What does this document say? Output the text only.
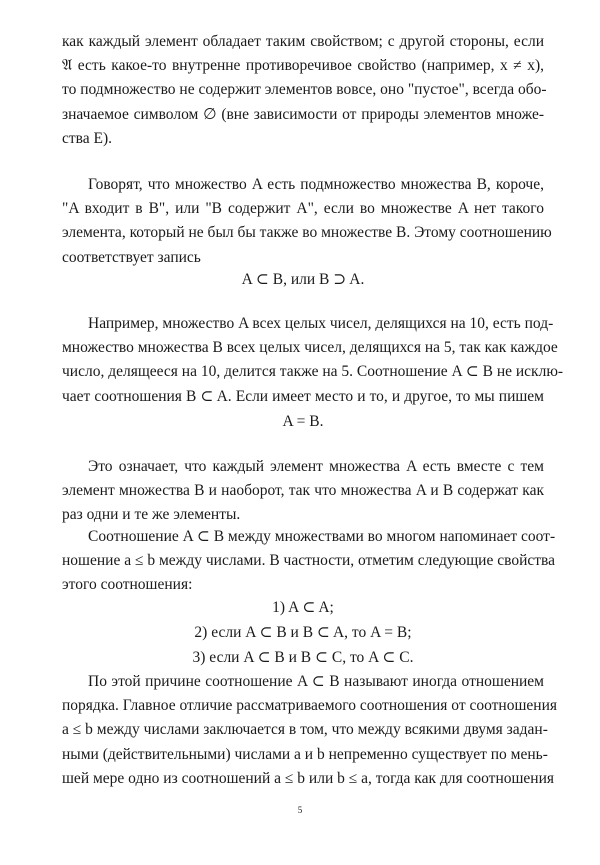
как каждый элемент обладает таким свойством; с другой стороны, если
𝔄 есть какое-то внутренне противоречивое свойство (например, x ≠ x),
то подмножество не содержит элементов вовсе, оно "пустое", всегда обо-
значаемое символом ∅ (вне зависимости от природы элементов множе-
ства E).

Говорят, что множество A есть подмножество множества B, короче,
"A входит в B", или "B содержит A", если во множестве A нет такого
элемента, который не был бы также во множестве B. Этому соотношению
соответствует запись

A ⊂ B, или B ⊃ A.

Например, множество A всех целых чисел, делящихся на 10, есть под-
множество множества B всех целых чисел, делящихся на 5, так как каждое
число, делящееся на 10, делится также на 5. Соотношение A ⊂ B не исклю-
чает соотношения B ⊂ A. Если имеет место и то, и другое, то мы пишем

A = B.

Это означает, что каждый элемент множества A есть вместе с тем
элемент множества B и наоборот, так что множества A и B содержат как
раз одни и те же элементы.

Соотношение A ⊂ B между множествами во многом напоминает соот-
ношение a ≤ b между числами. В частности, отметим следующие свойства
этого соотношения:

1) A ⊂ A;
2) если A ⊂ B и B ⊂ A, то A = B;
3) если A ⊂ B и B ⊂ C, то A ⊂ C.

По этой причине соотношение A ⊂ B называют иногда отношением
порядка. Главное отличие рассматриваемого соотношения от соотношения
a ≤ b между числами заключается в том, что между всякими двумя задан-
ными (действительными) числами a и b непременно существует по мень-
шей мере одно из соотношений a ≤ b или b ≤ a, тогда как для соотношения

5
